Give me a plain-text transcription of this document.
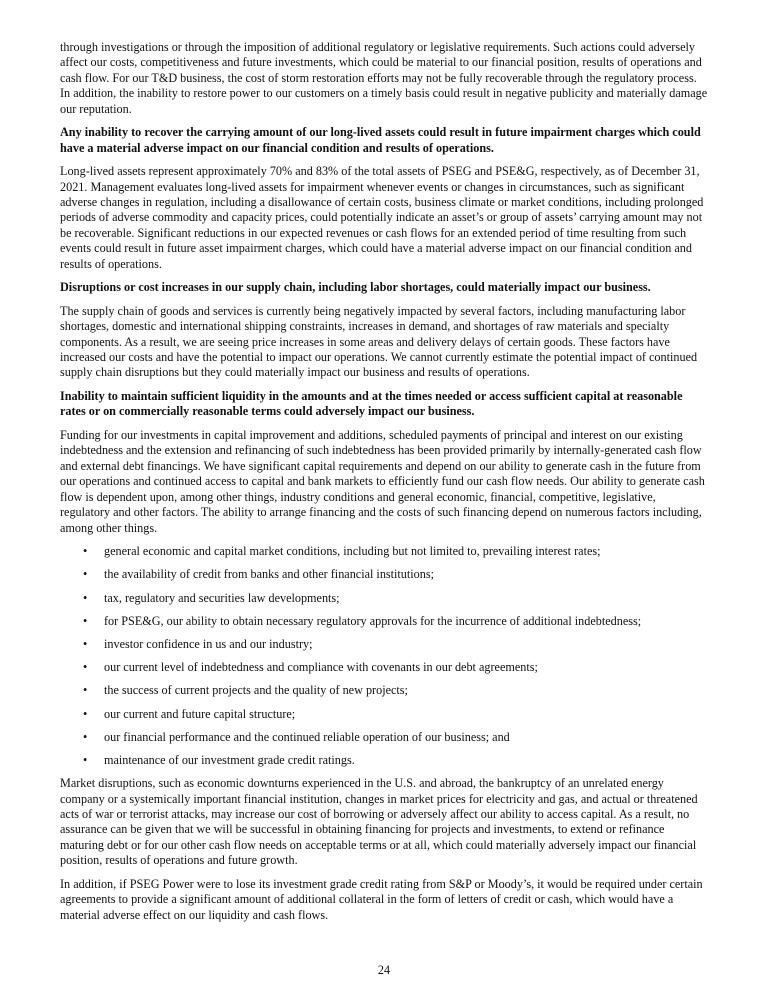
through investigations or through the imposition of additional regulatory or legislative requirements. Such actions could adversely affect our costs, competitiveness and future investments, which could be material to our financial position, results of operations and cash flow. For our T&D business, the cost of storm restoration efforts may not be fully recoverable through the regulatory process. In addition, the inability to restore power to our customers on a timely basis could result in negative publicity and materially damage our reputation.

Any inability to recover the carrying amount of our long-lived assets could result in future impairment charges which could have a material adverse impact on our financial condition and results of operations.

Long-lived assets represent approximately 70% and 83% of the total assets of PSEG and PSE&G, respectively, as of December 31, 2021. Management evaluates long-lived assets for impairment whenever events or changes in circumstances, such as significant adverse changes in regulation, including a disallowance of certain costs, business climate or market conditions, including prolonged periods of adverse commodity and capacity prices, could potentially indicate an asset’s or group of assets’ carrying amount may not be recoverable. Significant reductions in our expected revenues or cash flows for an extended period of time resulting from such events could result in future asset impairment charges, which could have a material adverse impact on our financial condition and results of operations.

Disruptions or cost increases in our supply chain, including labor shortages, could materially impact our business.

The supply chain of goods and services is currently being negatively impacted by several factors, including manufacturing labor shortages, domestic and international shipping constraints, increases in demand, and shortages of raw materials and specialty components. As a result, we are seeing price increases in some areas and delivery delays of certain goods. These factors have increased our costs and have the potential to impact our operations. We cannot currently estimate the potential impact of continued supply chain disruptions but they could materially impact our business and results of operations.

Inability to maintain sufficient liquidity in the amounts and at the times needed or access sufficient capital at reasonable rates or on commercially reasonable terms could adversely impact our business.

Funding for our investments in capital improvement and additions, scheduled payments of principal and interest on our existing indebtedness and the extension and refinancing of such indebtedness has been provided primarily by internally-generated cash flow and external debt financings. We have significant capital requirements and depend on our ability to generate cash in the future from our operations and continued access to capital and bank markets to efficiently fund our cash flow needs. Our ability to generate cash flow is dependent upon, among other things, industry conditions and general economic, financial, competitive, legislative, regulatory and other factors. The ability to arrange financing and the costs of such financing depend on numerous factors including, among other things.

• general economic and capital market conditions, including but not limited to, prevailing interest rates;
• the availability of credit from banks and other financial institutions;
• tax, regulatory and securities law developments;
• for PSE&G, our ability to obtain necessary regulatory approvals for the incurrence of additional indebtedness;
• investor confidence in us and our industry;
• our current level of indebtedness and compliance with covenants in our debt agreements;
• the success of current projects and the quality of new projects;
• our current and future capital structure;
• our financial performance and the continued reliable operation of our business; and
• maintenance of our investment grade credit ratings.

Market disruptions, such as economic downturns experienced in the U.S. and abroad, the bankruptcy of an unrelated energy company or a systemically important financial institution, changes in market prices for electricity and gas, and actual or threatened acts of war or terrorist attacks, may increase our cost of borrowing or adversely affect our ability to access capital. As a result, no assurance can be given that we will be successful in obtaining financing for projects and investments, to extend or refinance maturing debt or for our other cash flow needs on acceptable terms or at all, which could materially adversely impact our financial position, results of operations and future growth.

In addition, if PSEG Power were to lose its investment grade credit rating from S&P or Moody’s, it would be required under certain agreements to provide a significant amount of additional collateral in the form of letters of credit or cash, which would have a material adverse effect on our liquidity and cash flows.

24
